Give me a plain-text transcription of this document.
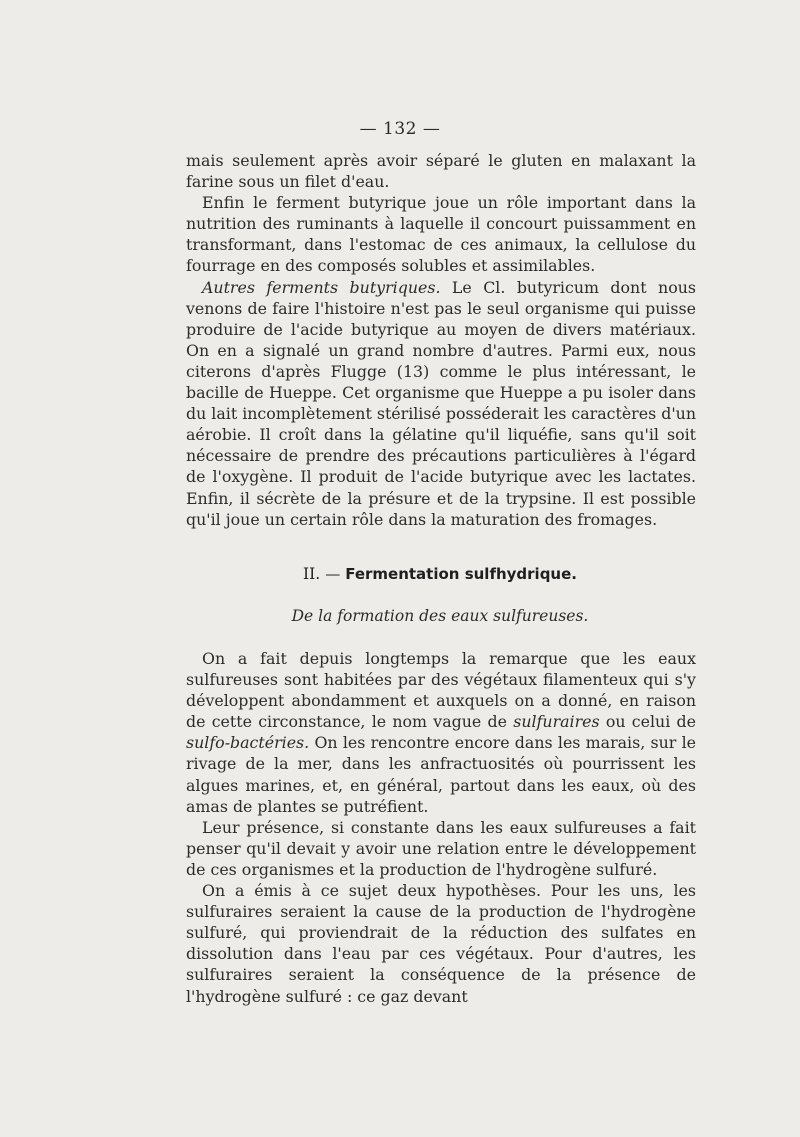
— 132 —

mais seulement après avoir séparé le gluten en malaxant la farine sous un filet d'eau.

Enfin le ferment butyrique joue un rôle important dans la nutrition des ruminants à laquelle il concourt puissamment en transformant, dans l'estomac de ces animaux, la cellulose du fourrage en des composés solubles et assimilables.

Autres ferments butyriques. Le Cl. butyricum dont nous venons de faire l'histoire n'est pas le seul organisme qui puisse produire de l'acide butyrique au moyen de divers matériaux. On en a signalé un grand nombre d'autres. Parmi eux, nous citerons d'après Flugge (13) comme le plus intéressant, le bacille de Hueppe. Cet organisme que Hueppe a pu isoler dans du lait incomplètement stérilisé posséderait les caractères d'un aérobie. Il croît dans la gélatine qu'il liquéfie, sans qu'il soit nécessaire de prendre des précautions particulières à l'égard de l'oxygène. Il produit de l'acide butyrique avec les lactates. Enfin, il sécrète de la présure et de la trypsine. Il est possible qu'il joue un certain rôle dans la maturation des fromages.

II. — Fermentation sulfhydrique.
De la formation des eaux sulfureuses.

On a fait depuis longtemps la remarque que les eaux sulfureuses sont habitées par des végétaux filamenteux qui s'y développent abondamment et auxquels on a donné, en raison de cette circonstance, le nom vague de sulfuraires ou celui de sulfo-bactéries. On les rencontre encore dans les marais, sur le rivage de la mer, dans les anfractuosités où pourrissent les algues marines, et, en général, partout dans les eaux, où des amas de plantes se putréfient.

Leur présence, si constante dans les eaux sulfureuses a fait penser qu'il devait y avoir une relation entre le développement de ces organismes et la production de l'hydrogène sulfuré.

On a émis à ce sujet deux hypothèses. Pour les uns, les sulfuraires seraient la cause de la production de l'hydrogène sulfuré, qui proviendrait de la réduction des sulfates en dissolution dans l'eau par ces végétaux. Pour d'autres, les sulfuraires seraient la conséquence de la présence de l'hydrogène sulfuré : ce gaz devant
